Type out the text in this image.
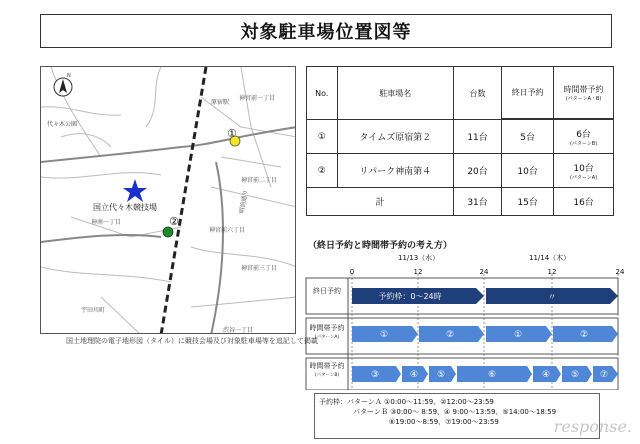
対象駐車場位置図等
N
①
②
国立代々木競技場
原宿駅
代々木公園
神宮前一丁目
神宮前二丁目
神南一丁目
神宮前六丁目
宇田川町
渋谷一丁目
明治通り
神宮前三丁目
国土地理院の電子地形図（タイル）に競技会場及び対象駐車場等を追記して掲載
No.	駐車場名	台数	終日予約	時間帯予約
(パターンA・B)

①	タイムズ原宿第２	11台	5台	6台
(パターンB)

②	リパーク神南第４	20台	10台	10台
(パターンA)

計		31台	15台	16台
（終日予約と時間帯予約の考え方）
11/13（水）	11/14（木）
0	12	24	12	24
予約枠：0～24時	〃
①	②	①	②
③	④ ⑤	⑥	④ ⑤ ⑦
終日予約
時間帯予約
(パターンA)
時間帯予約
(パターンB)
予約枠：パターンＡ ①0:00～11:59、②12:00～23:59
パターンＢ ③0:00～ 8:59、④ 9:00～13:59、⑤14:00～18:59
⑥19:00～8:59、⑦19:00～23:59	response.
